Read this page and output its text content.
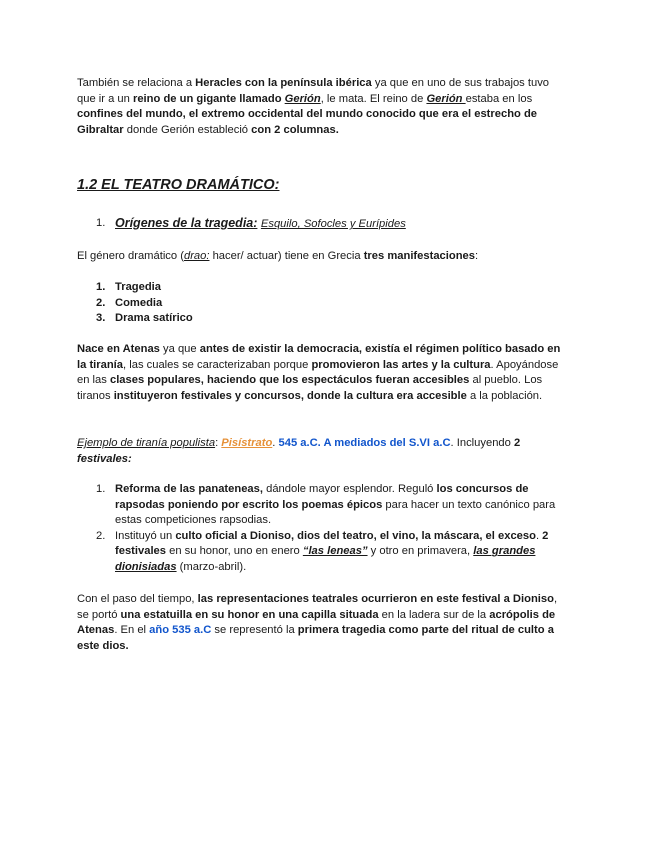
También se relaciona a Heracles con la península ibérica ya que en uno de sus trabajos tuvo que ir a un reino de un gigante llamado Gerión, le mata. El reino de Gerión estaba en los confines del mundo, el extremo occidental del mundo conocido que era el estrecho de Gibraltar donde Gerión estableció con 2 columnas.

1.2 EL TEATRO DRAMÁTICO:

1. Orígenes de la tragedia: Esquilo, Sofocles y Eurípides

El género dramático (drao: hacer/ actuar) tiene en Grecia tres manifestaciones:

1. Tragedia
2. Comedia
3. Drama satírico

Nace en Atenas ya que antes de existir la democracia, existía el régimen político basado en la tiranía, las cuales se caracterizaban porque promovieron las artes y la cultura. Apoyándose en las clases populares, haciendo que los espectáculos fueran accesibles al pueblo. Los tiranos instituyeron festivales y concursos, donde la cultura era accesible a la población.

Ejemplo de tiranía populista: Pisístrato. 545 a.C. A mediados del S.VI a.C. Incluyendo 2
festivales:

1. Reforma de las panateneas, dándole mayor esplendor. Reguló los concursos de rapsodas poniendo por escrito los poemas épicos para hacer un texto canónico para estas competiciones rapsodias.
2. Instituyó un culto oficial a Dioniso, dios del teatro, el vino, la máscara, el exceso. 2 festivales en su honor, uno en enero “las leneas” y otro en primavera, las grandes dionisiadas (marzo-abril).

Con el paso del tiempo, las representaciones teatrales ocurrieron en este festival a Dioniso, se portó una estatuilla en su honor en una capilla situada en la ladera sur de la acrópolis de Atenas. En el año 535 a.C se representó la primera tragedia como parte del ritual de culto a este dios.
